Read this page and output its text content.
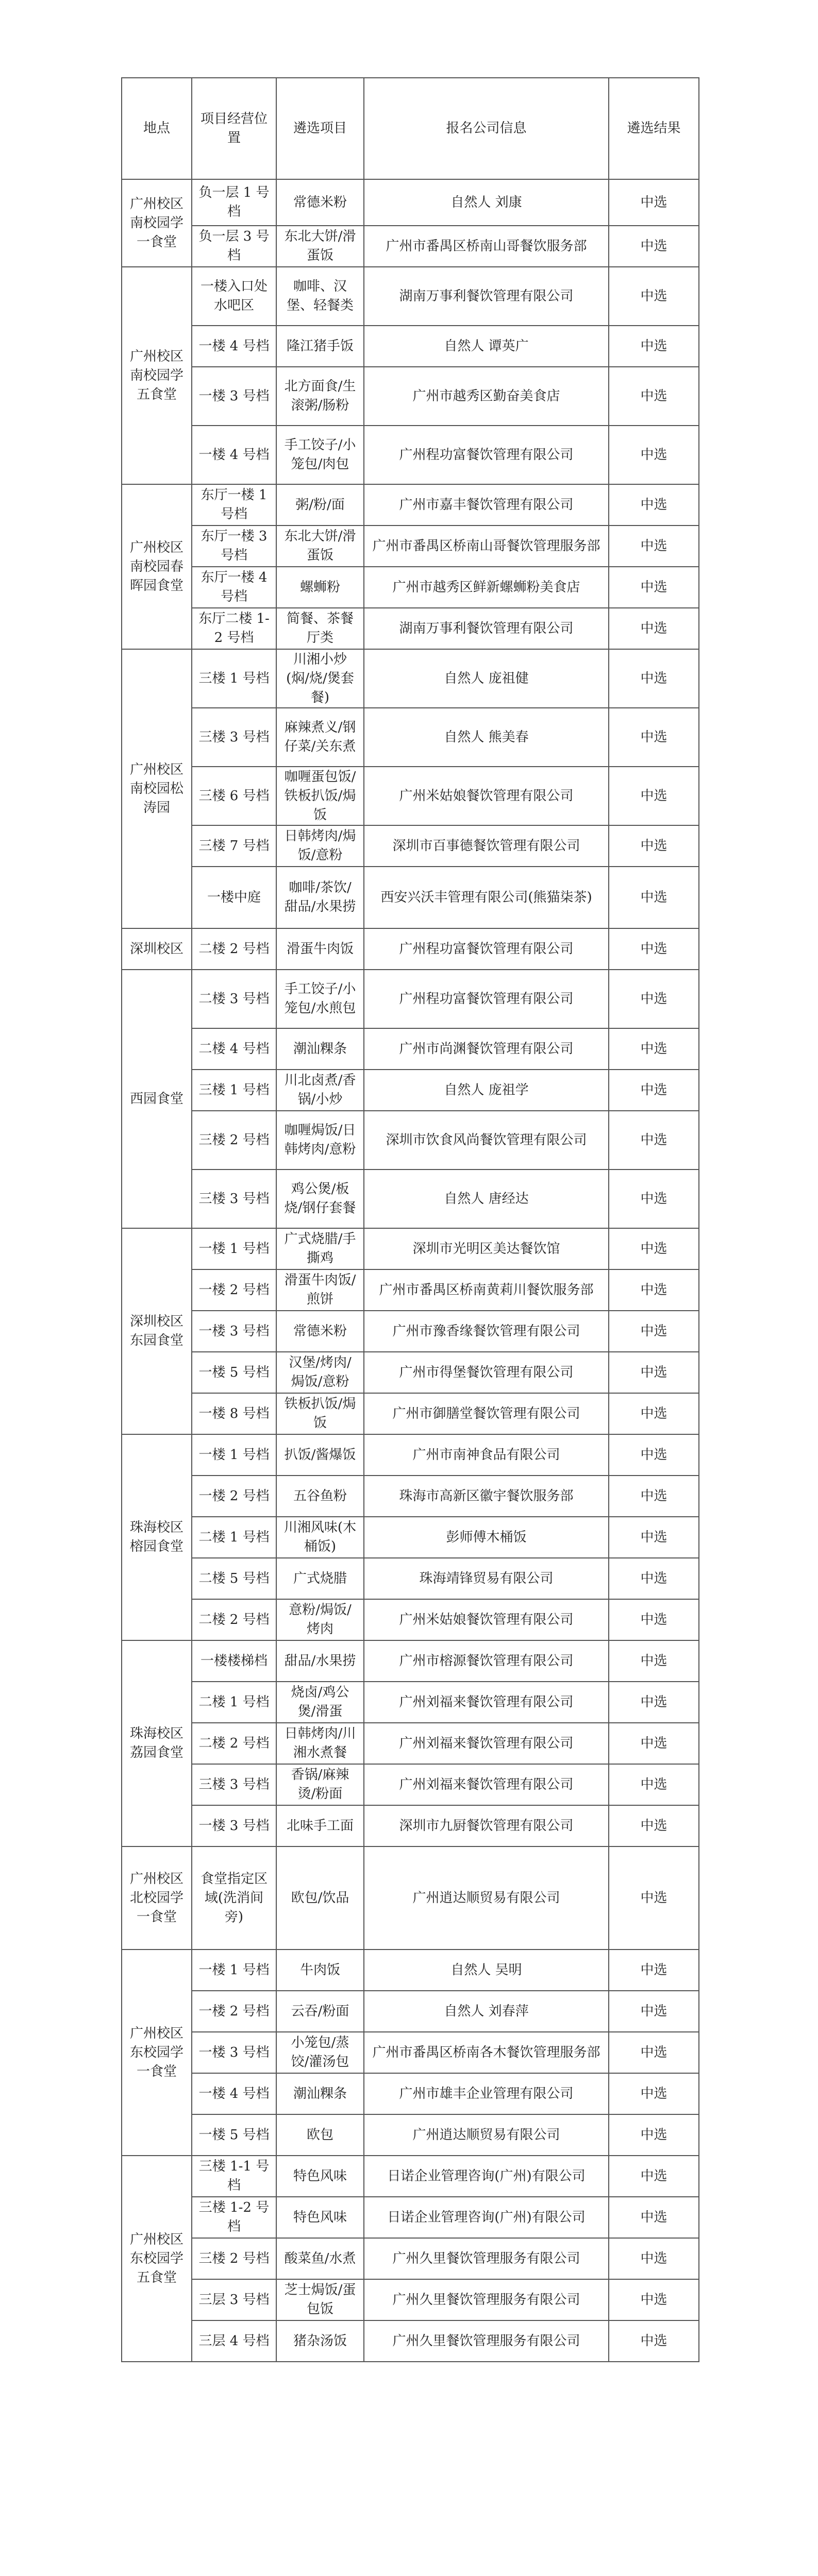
地点	项目经营位置	遴选项目	报名公司信息	遴选结果
广州校区南校园学一食堂	负一层 1 号档	常德米粉	自然人 刘康	中选
	负一层 3 号档	东北大饼/滑蛋饭	广州市番禺区桥南山哥餐饮服务部	中选
广州校区南校园学五食堂	一楼入口处水吧区	咖啡、汉堡、轻餐类	湖南万事利餐饮管理有限公司	中选
	一楼 4 号档	隆江猪手饭	自然人 谭英广	中选
	一楼 3 号档	北方面食/生滚粥/肠粉	广州市越秀区勤奋美食店	中选
	一楼 4 号档	手工饺子/小笼包/肉包	广州程功富餐饮管理有限公司	中选
广州校区南校园春晖园食堂	东厅一楼 1 号档	粥/粉/面	广州市嘉丰餐饮管理有限公司	中选
	东厅一楼 3 号档	东北大饼/滑蛋饭	广州市番禺区桥南山哥餐饮管理服务部	中选
	东厅一楼 4 号档	螺蛳粉	广州市越秀区鲜新螺蛳粉美食店	中选
	东厅二楼 1-2 号档	简餐、茶餐厅类	湖南万事利餐饮管理有限公司	中选
广州校区南校园松涛园	三楼 1 号档	川湘小炒(焖/烧/煲套餐)	自然人 庞祖健	中选
	三楼 3 号档	麻辣煮义/钢仔菜/关东煮	自然人 熊美春	中选
	三楼 6 号档	咖喱蛋包饭/铁板扒饭/焗饭	广州米姑娘餐饮管理有限公司	中选
	三楼 7 号档	日韩烤肉/焗饭/意粉	深圳市百事德餐饮管理有限公司	中选
	一楼中庭	咖啡/茶饮/甜品/水果捞	西安兴沃丰管理有限公司(熊猫柒茶)	中选
深圳校区	二楼 2 号档	滑蛋牛肉饭	广州程功富餐饮管理有限公司	中选
西园食堂	二楼 3 号档	手工饺子/小笼包/水煎包	广州程功富餐饮管理有限公司	中选
	二楼 4 号档	潮汕粿条	广州市尚渊餐饮管理有限公司	中选
	三楼 1 号档	川北卤煮/香锅/小炒	自然人 庞祖学	中选
	三楼 2 号档	咖喱焗饭/日韩烤肉/意粉	深圳市饮食风尚餐饮管理有限公司	中选
	三楼 3 号档	鸡公煲/板烧/钢仔套餐	自然人 唐经达	中选
深圳校区东园食堂	一楼 1 号档	广式烧腊/手撕鸡	深圳市光明区美达餐饮馆	中选
	一楼 2 号档	滑蛋牛肉饭/煎饼	广州市番禺区桥南黄莉川餐饮服务部	中选
	一楼 3 号档	常德米粉	广州市豫香缘餐饮管理有限公司	中选
	一楼 5 号档	汉堡/烤肉/焗饭/意粉	广州市得堡餐饮管理有限公司	中选
	一楼 8 号档	铁板扒饭/焗饭	广州市御膳堂餐饮管理有限公司	中选
珠海校区榕园食堂	一楼 1 号档	扒饭/酱爆饭	广州市南神食品有限公司	中选
	一楼 2 号档	五谷鱼粉	珠海市高新区徽宇餐饮服务部	中选
	二楼 1 号档	川湘风味(木桶饭)	彭师傅木桶饭	中选
	二楼 5 号档	广式烧腊	珠海靖锋贸易有限公司	中选
	二楼 2 号档	意粉/焗饭/烤肉	广州米姑娘餐饮管理有限公司	中选
珠海校区荔园食堂	一楼楼梯档	甜品/水果捞	广州市榕源餐饮管理有限公司	中选
	二楼 1 号档	烧卤/鸡公煲/滑蛋	广州刘福来餐饮管理有限公司	中选
	二楼 2 号档	日韩烤肉/川湘水煮餐	广州刘福来餐饮管理有限公司	中选
	三楼 3 号档	香锅/麻辣烫/粉面	广州刘福来餐饮管理有限公司	中选
	一楼 3 号档	北味手工面	深圳市九厨餐饮管理有限公司	中选
广州校区北校园学一食堂	食堂指定区域(洗消间旁)	欧包/饮品	广州逍达顺贸易有限公司	中选
广州校区东校园学一食堂	一楼 1 号档	牛肉饭	自然人 吴明	中选
	一楼 2 号档	云吞/粉面	自然人 刘春萍	中选
	一楼 3 号档	小笼包/蒸饺/灌汤包	广州市番禺区桥南各木餐饮管理服务部	中选
	一楼 4 号档	潮汕粿条	广州市雄丰企业管理有限公司	中选
	一楼 5 号档	欧包	广州逍达顺贸易有限公司	中选
广州校区东校园学五食堂	三楼 1-1 号档	特色风味	日诺企业管理咨询(广州)有限公司	中选
	三楼 1-2 号档	特色风味	日诺企业管理咨询(广州)有限公司	中选
	三楼 2 号档	酸菜鱼/水煮	广州久里餐饮管理服务有限公司	中选
	三层 3 号档	芝士焗饭/蛋包饭	广州久里餐饮管理服务有限公司	中选
	三层 4 号档	猪杂汤饭	广州久里餐饮管理服务有限公司	中选
